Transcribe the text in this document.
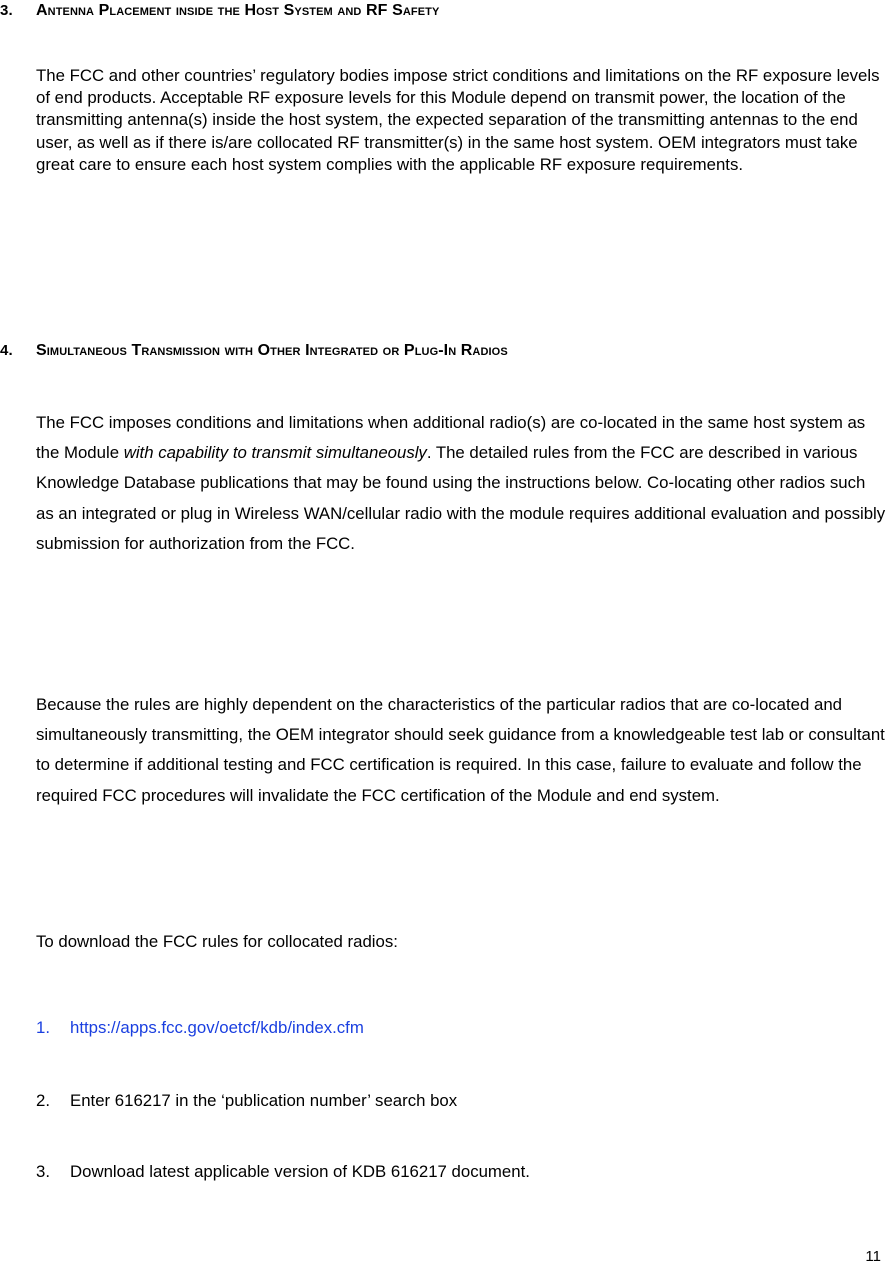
3. Antenna Placement inside the Host System and RF Safety

The FCC and other countries’ regulatory bodies impose strict conditions and limitations on the RF exposure levels of end products. Acceptable RF exposure levels for this Module depend on transmit power, the location of the transmitting antenna(s) inside the host system, the expected separation of the transmitting antennas to the end user, as well as if there is/are collocated RF transmitter(s) in the same host system. OEM integrators must take great care to ensure each host system complies with the applicable RF exposure requirements.

4. Simultaneous Transmission with Other Integrated or Plug-In Radios

The FCC imposes conditions and limitations when additional radio(s) are co-located in the same host system as the Module with capability to transmit simultaneously. The detailed rules from the FCC are described in various Knowledge Database publications that may be found using the instructions below. Co-locating other radios such as an integrated or plug in Wireless WAN/cellular radio with the module requires additional evaluation and possibly submission for authorization from the FCC.

Because the rules are highly dependent on the characteristics of the particular radios that are co-located and simultaneously transmitting, the OEM integrator should seek guidance from a knowledgeable test lab or consultant to determine if additional testing and FCC certification is required. In this case, failure to evaluate and follow the required FCC procedures will invalidate the FCC certification of the Module and end system.

To download the FCC rules for collocated radios:

1. https://apps.fcc.gov/oetcf/kdb/index.cfm
2. Enter 616217 in the ‘publication number’ search box
3. Download latest applicable version of KDB 616217 document.
11
